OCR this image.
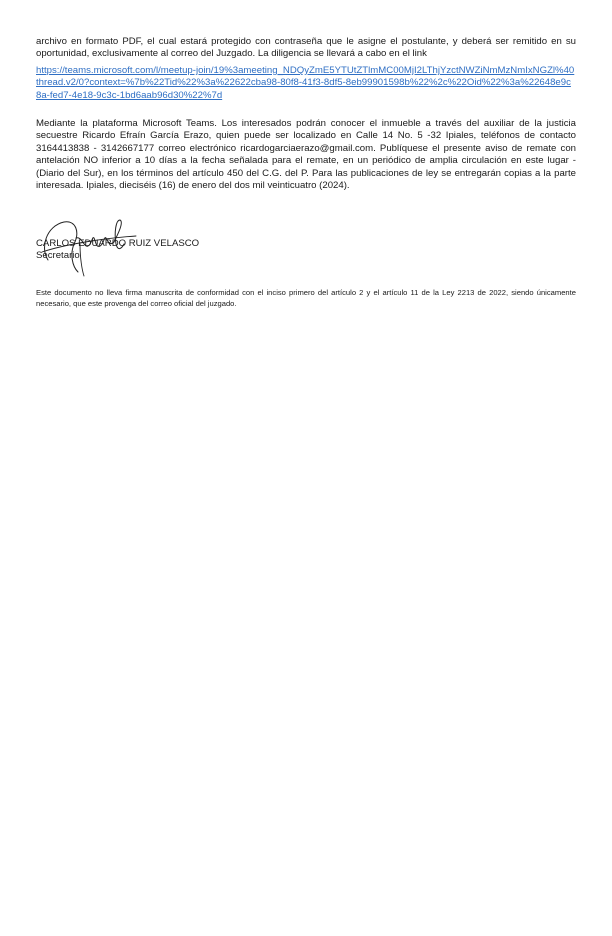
archivo en formato PDF, el cual estará protegido con contraseña que le asigne el postulante, y deberá ser remitido en su oportunidad, exclusivamente al correo del Juzgado. La diligencia se llevará a cabo en el link

https://teams.microsoft.com/l/meetup-join/19%3ameeting_NDQyZmE5YTUtZTlmMC00MjI2LThjYzctNWZiNmMzNmIxNGZl%40thread.v2/0?context=%7b%22Tid%22%3a%22622cba98-80f8-41f3-8df5-8eb99901598b%22%2c%22Oid%22%3a%22648e9c8a-fed7-4e18-9c3c-1bd6aab96d30%22%7d

Mediante la plataforma Microsoft Teams. Los interesados podrán conocer el inmueble a través del auxiliar de la justicia secuestre Ricardo Efraín García Erazo, quien puede ser localizado en Calle 14 No. 5 -32 Ipiales, teléfonos de contacto 3164413838 - 3142667177 correo electrónico ricardogarciaerazo@gmail.com. Publíquese el presente aviso de remate con antelación NO inferior a 10 días a la fecha señalada para el remate, en un periódico de amplia circulación en este lugar -(Diario del Sur), en los términos del artículo 450 del C.G. del P. Para las publicaciones de ley se entregarán copias a la parte interesada. Ipiales, dieciséis (16) de enero del dos mil veinticuatro (2024).

CARLOS EDUARDO RUIZ VELASCO
Secretario

Este documento no lleva firma manuscrita de conformidad con el inciso primero del artículo 2 y el artículo 11 de la Ley 2213 de 2022, siendo únicamente necesario, que este provenga del correo oficial del juzgado.
